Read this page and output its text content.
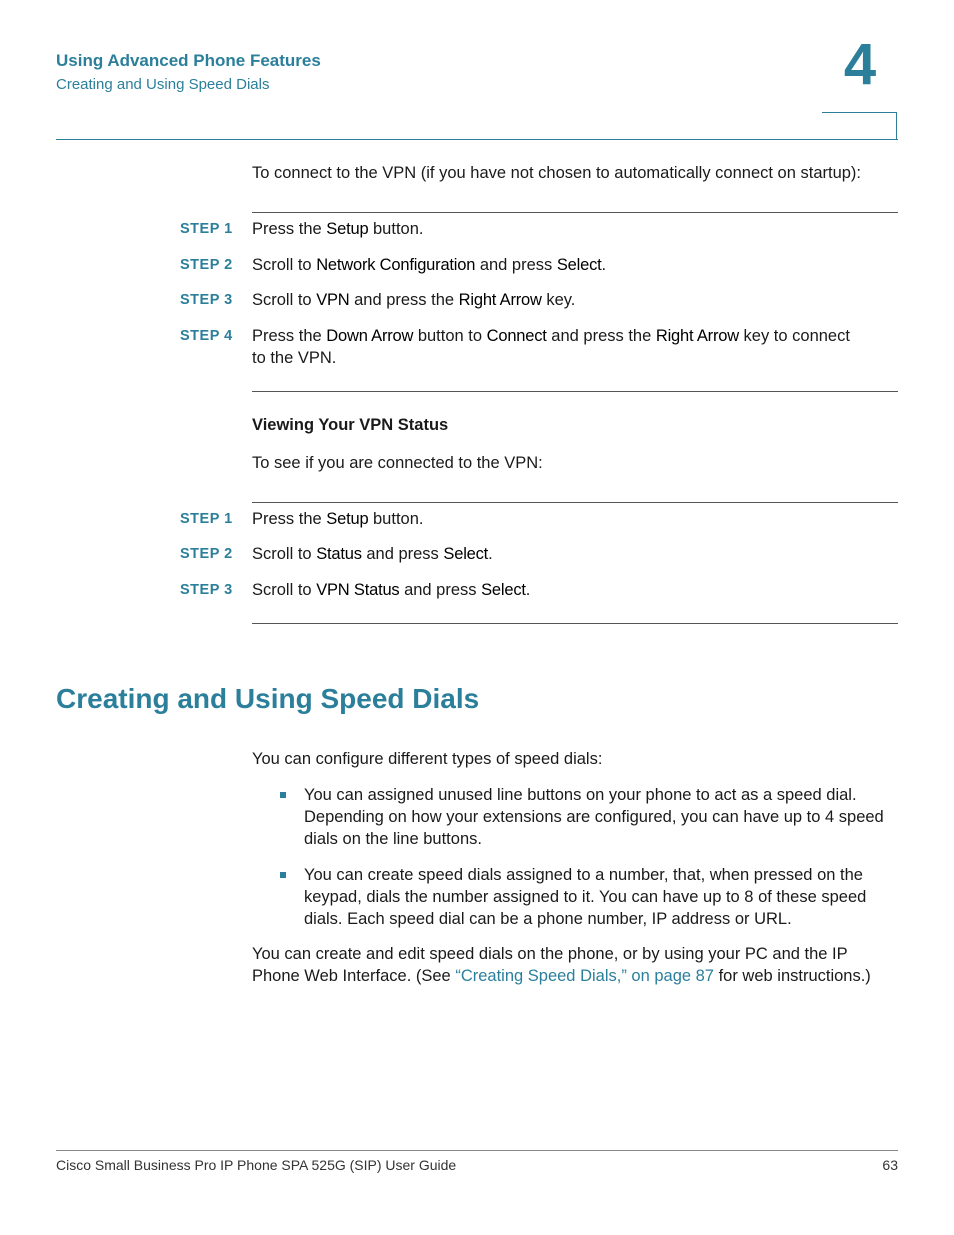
Using Advanced Phone Features
Creating and Using Speed Dials	4
To connect to the VPN (if you have not chosen to automatically connect on startup):
STEP 1 Press the Setup button.
STEP 2 Scroll to Network Configuration and press Select.
STEP 3 Scroll to VPN and press the Right Arrow key.
STEP 4 Press the Down Arrow button to Connect and press the Right Arrow key to connect to the VPN.
Viewing Your VPN Status
To see if you are connected to the VPN:
STEP 1 Press the Setup button.
STEP 2 Scroll to Status and press Select.
STEP 3 Scroll to VPN Status and press Select.
Creating and Using Speed Dials
You can configure different types of speed dials:
You can assigned unused line buttons on your phone to act as a speed dial. Depending on how your extensions are configured, you can have up to 4 speed dials on the line buttons.
You can create speed dials assigned to a number, that, when pressed on the keypad, dials the number assigned to it. You can have up to 8 of these speed dials. Each speed dial can be a phone number, IP address or URL.
You can create and edit speed dials on the phone, or by using your PC and the IP Phone Web Interface. (See “Creating Speed Dials,” on page 87 for web instructions.)
Cisco Small Business Pro IP Phone SPA 525G (SIP) User Guide	63
